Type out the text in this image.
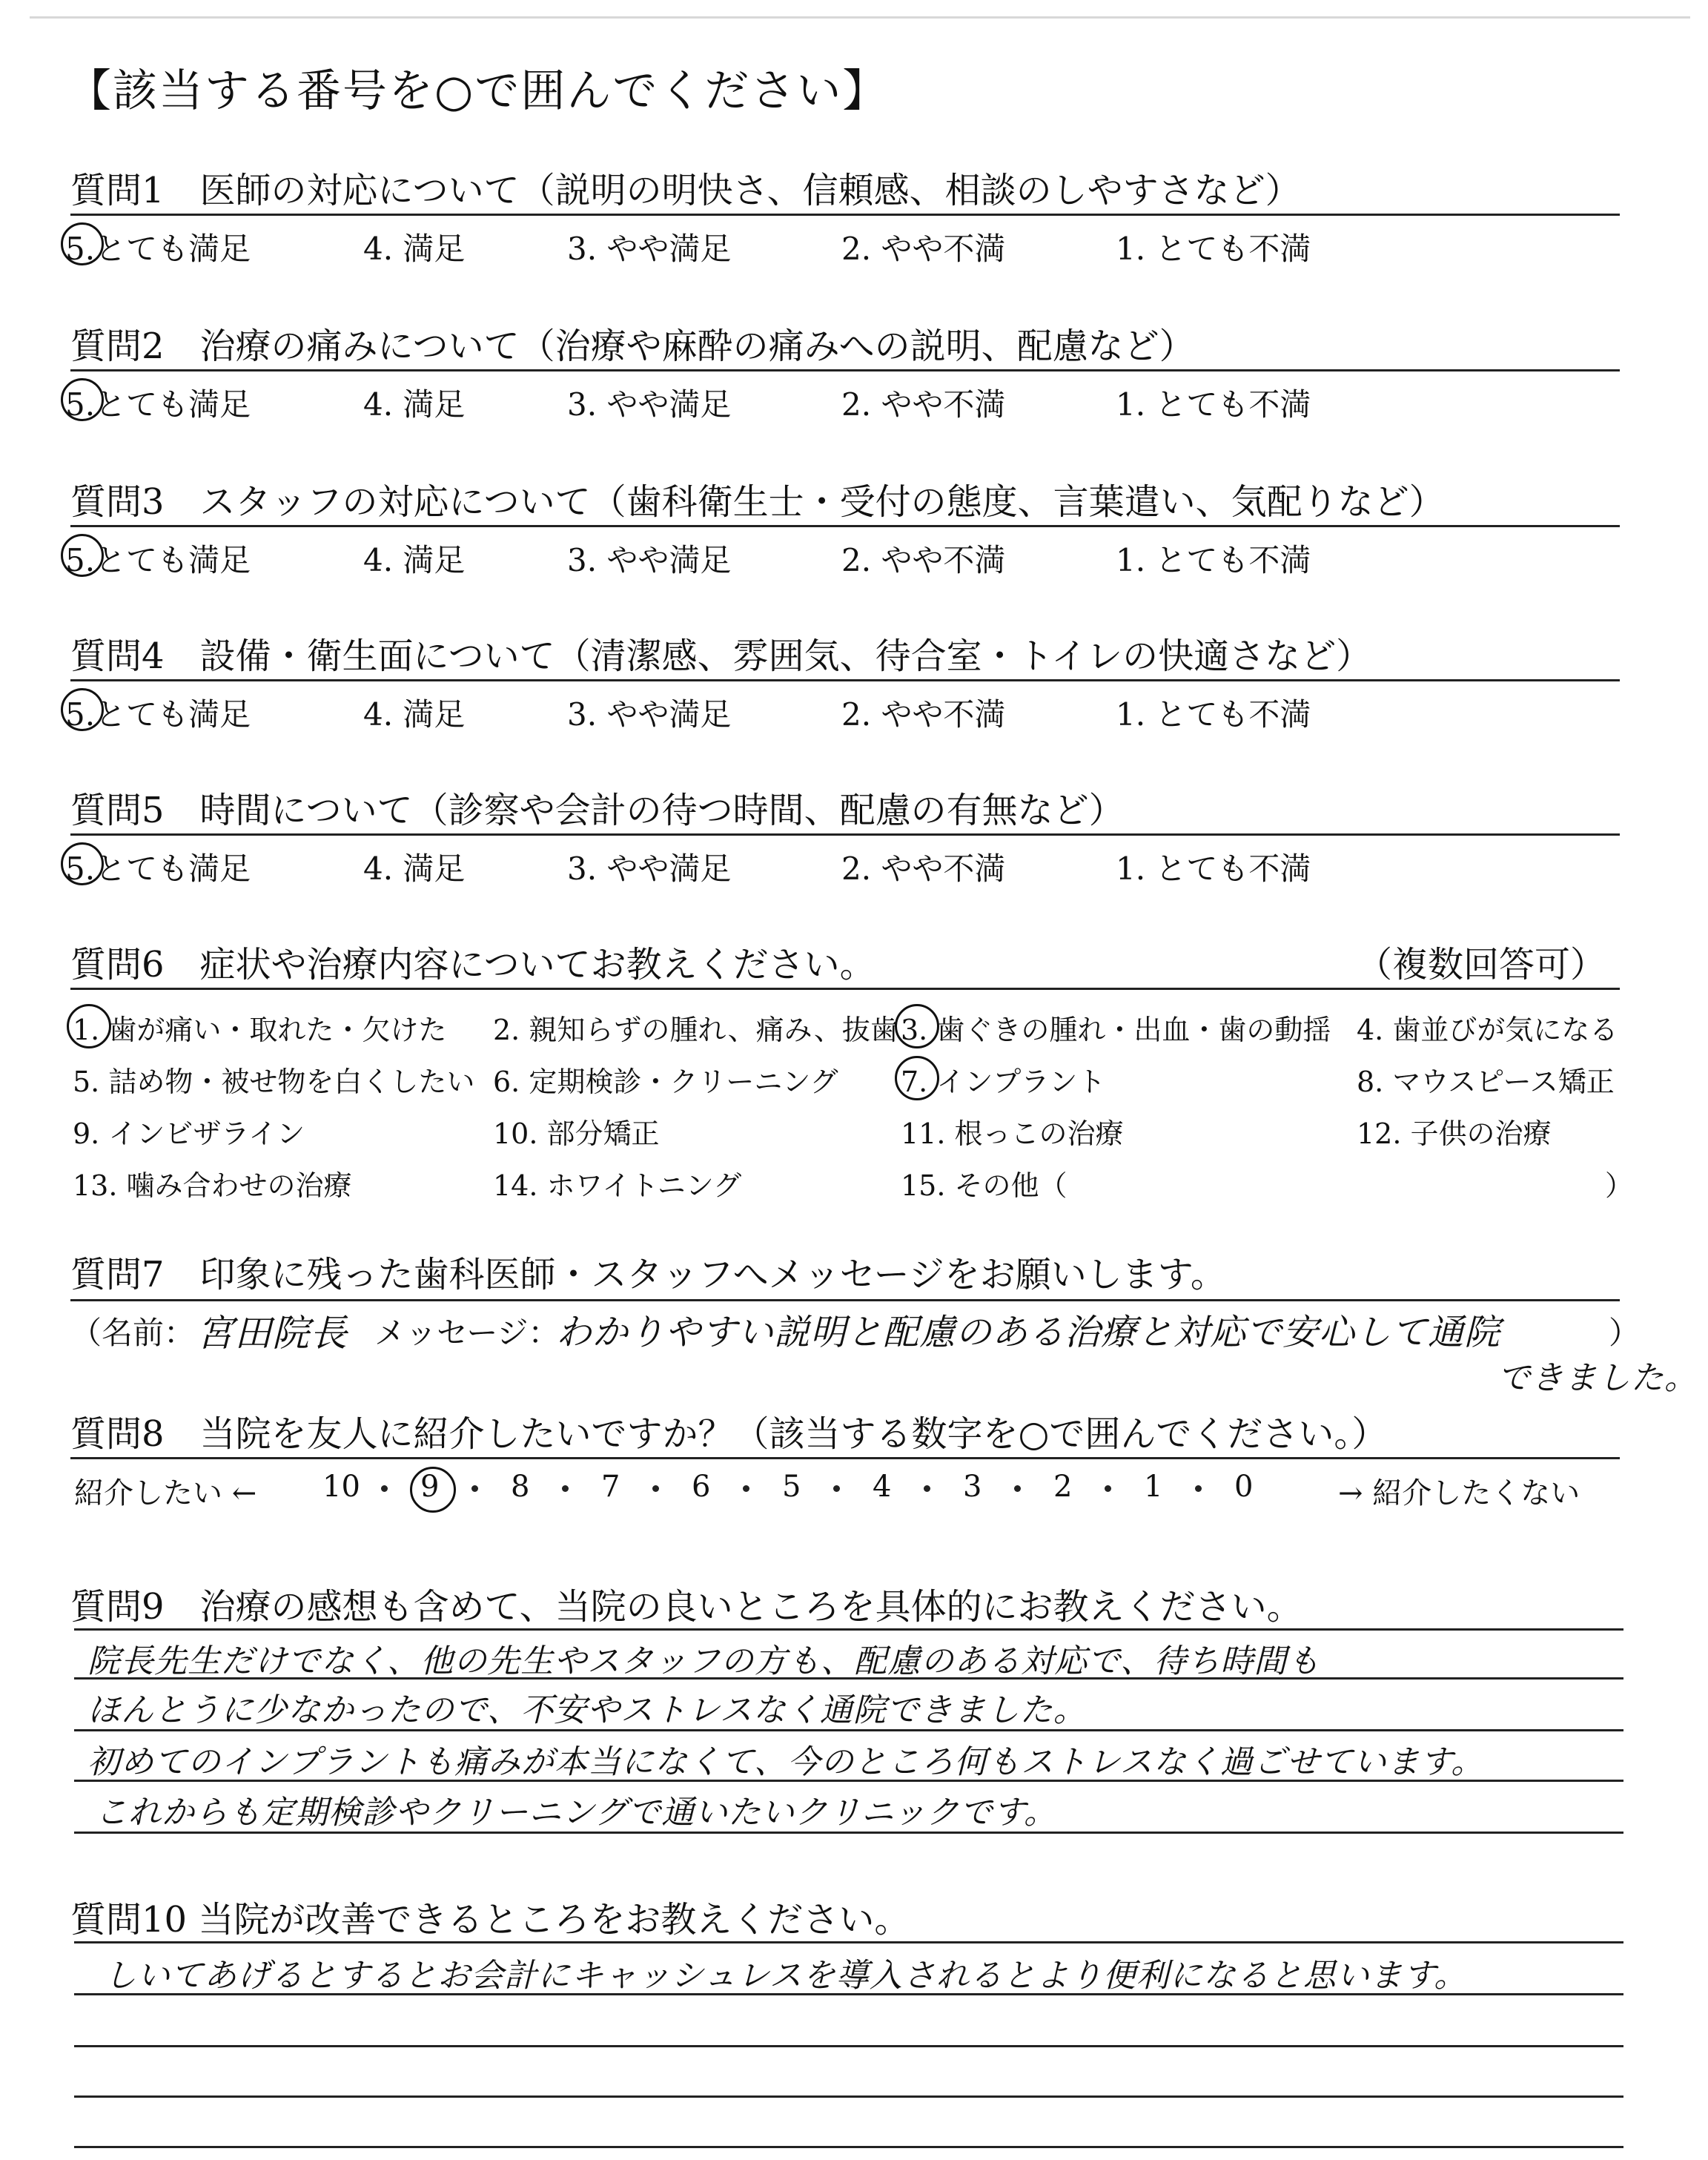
【該当する番号を○で囲んでください】
質問1　医師の対応について（説明の明快さ、信頼感、相談のしやすさなど）
5.とても満足	4. 満足	3. やや満足	2. やや不満	1. とても不満
質問2　治療の痛みについて（治療や麻酔の痛みへの説明、配慮など）
5.とても満足	4. 満足	3. やや満足	2. やや不満	1. とても不満
質問3　スタッフの対応について（歯科衛生士・受付の態度、言葉遣い、気配りなど）
5.とても満足	4. 満足	3. やや満足	2. やや不満	1. とても不満
質問4　設備・衛生面について（清潔感、雰囲気、待合室・トイレの快適さなど）
5.とても満足	4. 満足	3. やや満足	2. やや不満	1. とても不満
質問5　時間について（診察や会計の待つ時間、配慮の有無など）
5.とても満足	4. 満足	3. やや満足	2. やや不満	1. とても不満
質問6　症状や治療内容についてお教えください。	（複数回答可）
1. 歯が痛い・取れた・欠けた 2. 親知らずの腫れ、痛み、抜歯 3. 歯ぐきの腫れ・出血・歯の動揺 4. 歯並びが気になる
5. 詰め物・被せ物を白くしたい 6. 定期検診・クリーニング 7. インプラント	8. マウスピース矯正
9. インビザライン	10. 部分矯正	11. 根っこの治療	12. 子供の治療
13. 噛み合わせの治療	14. ホワイトニング	15. その他（	）
質問7　印象に残った歯科医師・スタッフへメッセージをお願いします。
（名前： 宮田院長 メッセージ：
わかりやすい説明と配慮のある治療と対応で安心して通院	）
できました。
質問8　当院を友人に紹介したいですか？（該当する数字を○で囲んでください。）
紹介したい ←	→ 紹介したくない
10 9 8 7 6 5 4 3 2 1 0
質問9　治療の感想も含めて、当院の良いところを具体的にお教えください。
院長先生だけでなく、他の先生やスタッフの方も、配慮のある対応で、待ち時間も
ほんとうに少なかったので、不安やストレスなく通院できました。
初めてのインプラントも痛みが本当になくて、今のところ何もストレスなく過ごせています。
これからも定期検診やクリーニングで通いたいクリニックです。
質問10 当院が改善できるところをお教えください。
しいてあげるとするとお会計にキャッシュレスを導入されるとより便利になると思います。
